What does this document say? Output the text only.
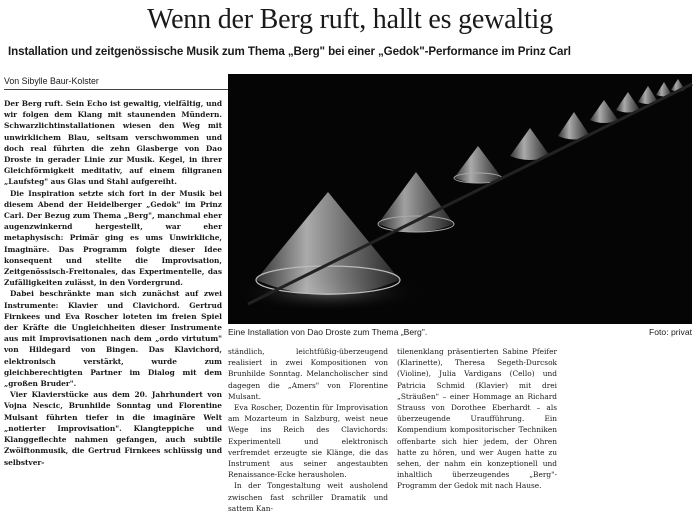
Wenn der Berg ruft, hallt es gewaltig
Installation und zeitgenössische Musik zum Thema „Berg" bei einer „Gedok"-Performance im Prinz Carl
Von Sibylle Baur-Kolster

Der Berg ruft. Sein Echo ist gewaltig, vielfältig, und wir folgen dem Klang mit staunenden Mündern. Schwarzlichtinstallationen wiesen den Weg mit unwirklichem Blau, seltsam verschwommen und doch real führten die zehn Glasberge von Dao Droste in gerader Linie zur Musik. Kegel, in ihrer Gleichförmigkeit meditativ, auf einem filigranen „Laufsteg" aus Glas und Stahl aufgereiht.

Die Inspiration setzte sich fort in der Musik bei diesem Abend der Heidelberger „Gedok" im Prinz Carl. Der Bezug zum Thema „Berg", manchmal eher augenzwinkernd hergestellt, war eher metaphysisch: Primär ging es ums Unwirkliche, Imaginäre. Das Programm folgte dieser Idee konsequent und stellte die Improvisation, Zeitgenössisch-Freitonales, das Experimentelle, das Zufälligkeiten zulässt, in den Vordergrund.

Dabei beschränkte man sich zunächst auf zwei Instrumente: Klavier und Clavichord. Gertrud Firnkees und Eva Roscher loteten im freien Spiel der Kräfte die Ungleichheiten dieser Instrumente aus mit Improvisationen nach dem „ordo virtutum" von Hildegard von Bingen. Das Klavichord, elektronisch verstärkt, wurde zum gleichberechtigten Partner im Dialog mit dem „großen Bruder".

Vier Klavierstücke aus dem 20. Jahrhundert von Vojna Nescic, Brunhilde Sonntag und Florentine Mulsant führten tiefer in die imaginäre Welt „notierter Improvisation". Klangteppiche und Klanggeflechte nahmen gefangen, auch subtile Zwölftonmusik, die Gertrud Firnkees schlüssig und selbstver-

Eine Installation von Dao Droste zum Thema „Berg".	Foto: privat

ständlich, leichtfüßig-überzeugend realisiert in zwei Kompositionen von Brunhilde Sonntag. Melancholischer sind dagegen die „Amers" von Florentine Mulsant.

Eva Roscher, Dozentin für Improvisation am Mozarteum in Salzburg, weist neue Wege ins Reich des Clavichords: Experimentell und elektronisch verfremdet erzeugte sie Klänge, die das Instrument aus seiner angestaubten Renaissance-Ecke herausholen.

In der Tongestaltung weit ausholend zwischen fast schriller Dramatik und sattem Kan-

tilenenklang präsentierten Sabine Pfeifer (Klarinette), Theresa Segeth-Durcsok (Violine), Julia Vardigans (Cello) und Patricia Schmid (Klavier) mit drei „Sträußen" – einer Hommage an Richard Strauss von Dorothee Eberhardt – als überzeugende Uraufführung. Ein Kompendium kompositorischer Techniken offenbarte sich hier jedem, der Ohren hatte zu hören, und wer Augen hatte zu sehen, der nahm ein konzeptionell und inhaltlich überzeugendes „Berg"-Programm der Gedok mit nach Hause.
